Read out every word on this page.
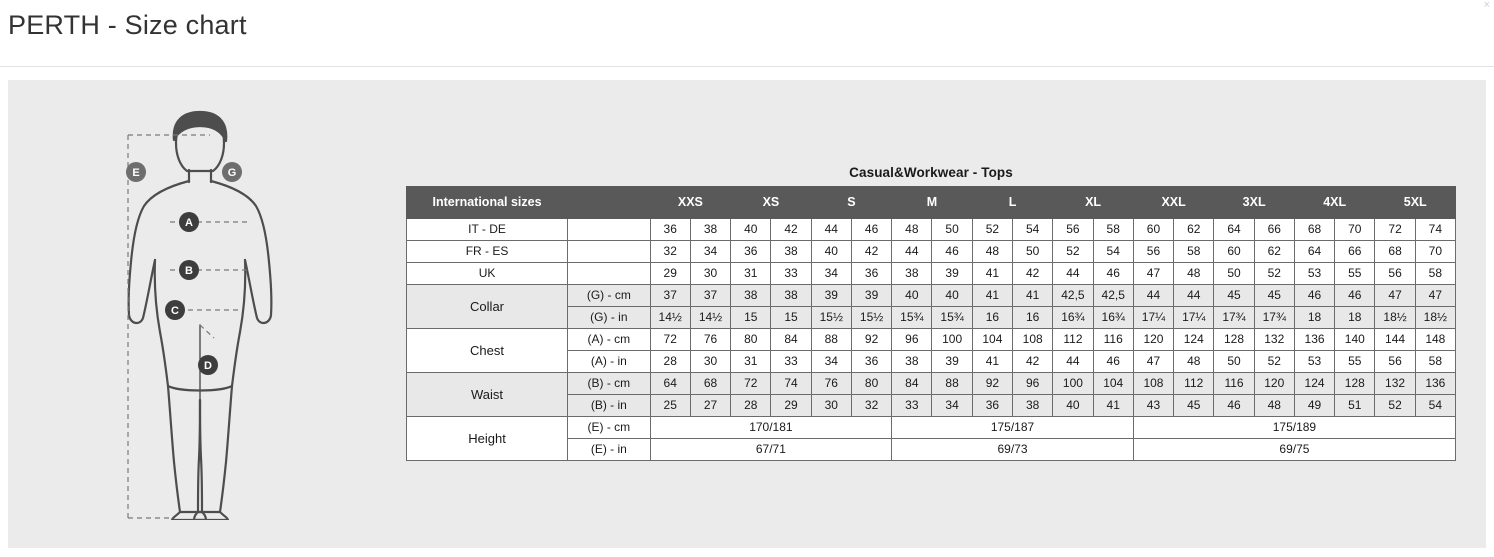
×
PERTH - Size chart
E	G
A
B
C
D
Casual&Workwear - Tops
International sizes		XXS		XS		S		M		L		XL		XXL		3XL		4XL		5XL	
IT - DE		36	38	40	42	44	46	48	50	52	54	56	58	60	62	64	66	68	70	72	74
FR - ES		32	34	36	38	40	42	44	46	48	50	52	54	56	58	60	62	64	66	68	70
UK		29	30	31	33	34	36	38	39	41	42	44	46	47	48	50	52	53	55	56	58
Collar	(G) - cm	37	37	38	38	39	39	40	40	41	41	42,5	42,5	44	44	45	45	46	46	47	47
	(G) - in	14½	14½	15	15	15½	15½	15¾	15¾	16	16	16¾	16¾	17¼	17¼	17¾	17¾	18	18	18½	18½
Chest	(A) - cm	72	76	80	84	88	92	96	100	104	108	112	116	120	124	128	132	136	140	144	148
	(A) - in	28	30	31	33	34	36	38	39	41	42	44	46	47	48	50	52	53	55	56	58
Waist	(B) - cm	64	68	72	74	76	80	84	88	92	96	100	104	108	112	116	120	124	128	132	136
	(B) - in	25	27	28	29	30	32	33	34	36	38	40	41	43	45	46	48	49	51	52	54
Height	(E) - cm	170/181						175/187						175/189							
	(E) - in	67/71						69/73						69/75							
